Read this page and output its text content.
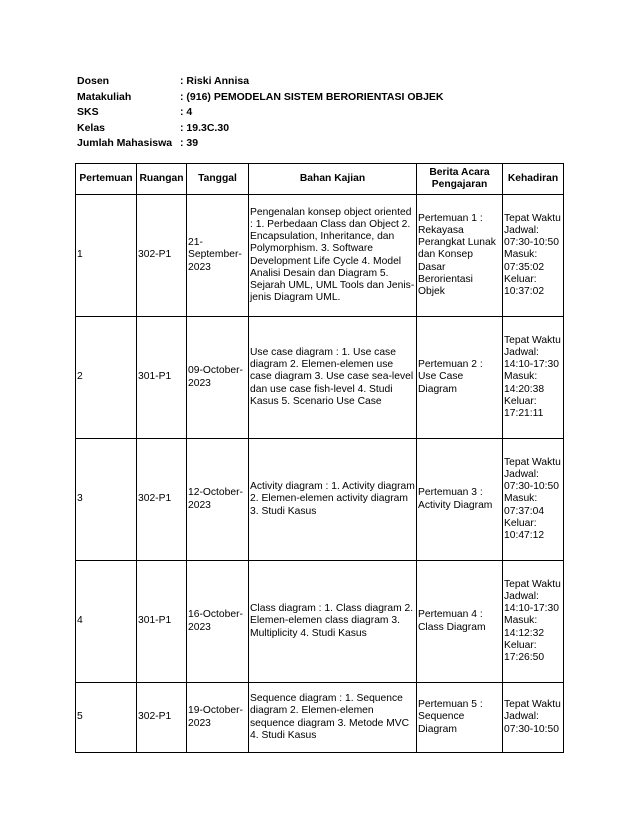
Dosen	: Riski Annisa
Matakuliah	: (916) PEMODELAN SISTEM BERORIENTASI OBJEK
SKS	: 4
Kelas	: 19.3C.30
Jumlah Mahasiswa : 39
Pertemuan	Ruangan	Tanggal	Bahan Kajian	Berita Acara Pengajaran	Kehadiran
1	302-P1	21-September-2023	Pengenalan konsep object oriented : 1. Perbedaan Class dan Object 2. Encapsulation, Inheritance, dan Polymorphism. 3. Software Development Life Cycle 4. Model Analisi Desain dan Diagram 5. Sejarah UML, UML Tools dan Jenis-jenis Diagram UML.	Pertemuan 1 : Rekayasa Perangkat Lunak dan Konsep Dasar Berorientasi Objek	Tepat Waktu Jadwal: 07:30-10:50 Masuk: 07:35:02 Keluar: 10:37:02
2	301-P1	09-October-2023	Use case diagram : 1. Use case diagram 2. Elemen-elemen use case diagram 3. Use case sea-level dan use case fish-level 4. Studi Kasus 5. Scenario Use Case	Pertemuan 2 : Use Case Diagram	Tepat Waktu Jadwal: 14:10-17:30 Masuk: 14:20:38 Keluar: 17:21:11
3	302-P1	12-October-2023	Activity diagram : 1. Activity diagram 2. Elemen-elemen activity diagram 3. Studi Kasus	Pertemuan 3 : Activity Diagram	Tepat Waktu Jadwal: 07:30-10:50 Masuk: 07:37:04 Keluar: 10:47:12
4	301-P1	16-October-2023	Class diagram : 1. Class diagram 2. Elemen-elemen class diagram 3. Multiplicity 4. Studi Kasus	Pertemuan 4 : Class Diagram	Tepat Waktu Jadwal: 14:10-17:30 Masuk: 14:12:32 Keluar: 17:26:50
5	302-P1	19-October-2023	Sequence diagram : 1. Sequence diagram 2. Elemen-elemen sequence diagram 3. Metode MVC 4. Studi Kasus	Pertemuan 5 : Sequence Diagram	Tepat Waktu Jadwal: 07:30-10:50
